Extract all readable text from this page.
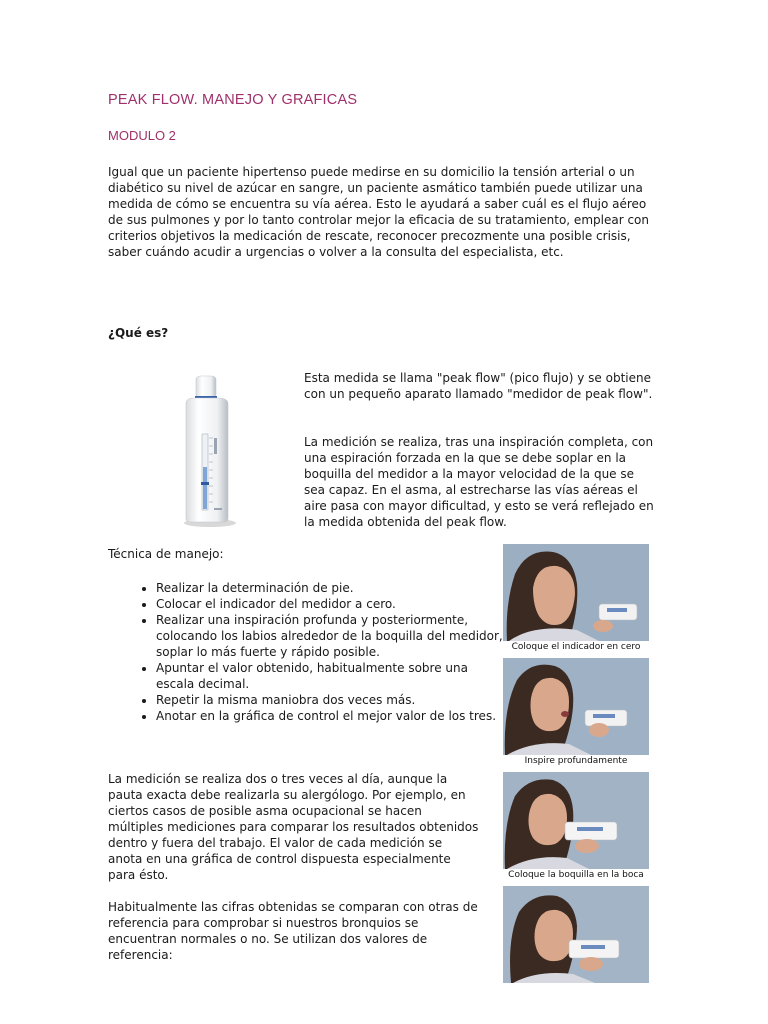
PEAK FLOW. MANEJO Y GRAFICAS
MODULO 2

Igual que un paciente hipertenso puede medirse en su domicilio la tensión arterial o un diabético su nivel de azúcar en sangre, un paciente asmático también puede utilizar una medida de cómo se encuentra su vía aérea. Esto le ayudará a saber cuál es el flujo aéreo de sus pulmones y por lo tanto controlar mejor la eficacia de su tratamiento, emplear con criterios objetivos la medicación de rescate, reconocer precozmente una posible crisis, saber cuándo acudir a urgencias o volver a la consulta del especialista, etc.

¿Qué es?

Esta medida se llama "peak flow" (pico flujo) y se obtiene con un pequeño aparato llamado "medidor de peak flow".

La medición se realiza, tras una inspiración completa, con una espiración forzada en la que se debe soplar en la boquilla del medidor a la mayor velocidad de la que se sea capaz. En el asma, al estrecharse las vías aéreas el aire pasa con mayor dificultad, y esto se verá reflejado en la medida obtenida del peak flow.

Técnica de manejo:

• Realizar la determinación de pie.
• Colocar el indicador del medidor a cero.
• Realizar una inspiración profunda y posteriormente, colocando los labios alrededor de la boquilla del medidor, soplar lo más fuerte y rápido posible.
• Apuntar el valor obtenido, habitualmente sobre una escala decimal.
• Repetir la misma maniobra dos veces más.
• Anotar en la gráfica de control el mejor valor de los tres.

La medición se realiza dos o tres veces al día, aunque la pauta exacta debe realizarla su alergólogo. Por ejemplo, en ciertos casos de posible asma ocupacional se hacen múltiples mediciones para comparar los resultados obtenidos dentro y fuera del trabajo. El valor de cada medición se anota en una gráfica de control dispuesta especialmente para ésto.

Habitualmente las cifras obtenidas se comparan con otras de referencia para comprobar si nuestros bronquios se encuentran normales o no. Se utilizan dos valores de referencia:

Coloque el indicador en cero
Inspire profundamente
Coloque la boquilla en la boca
